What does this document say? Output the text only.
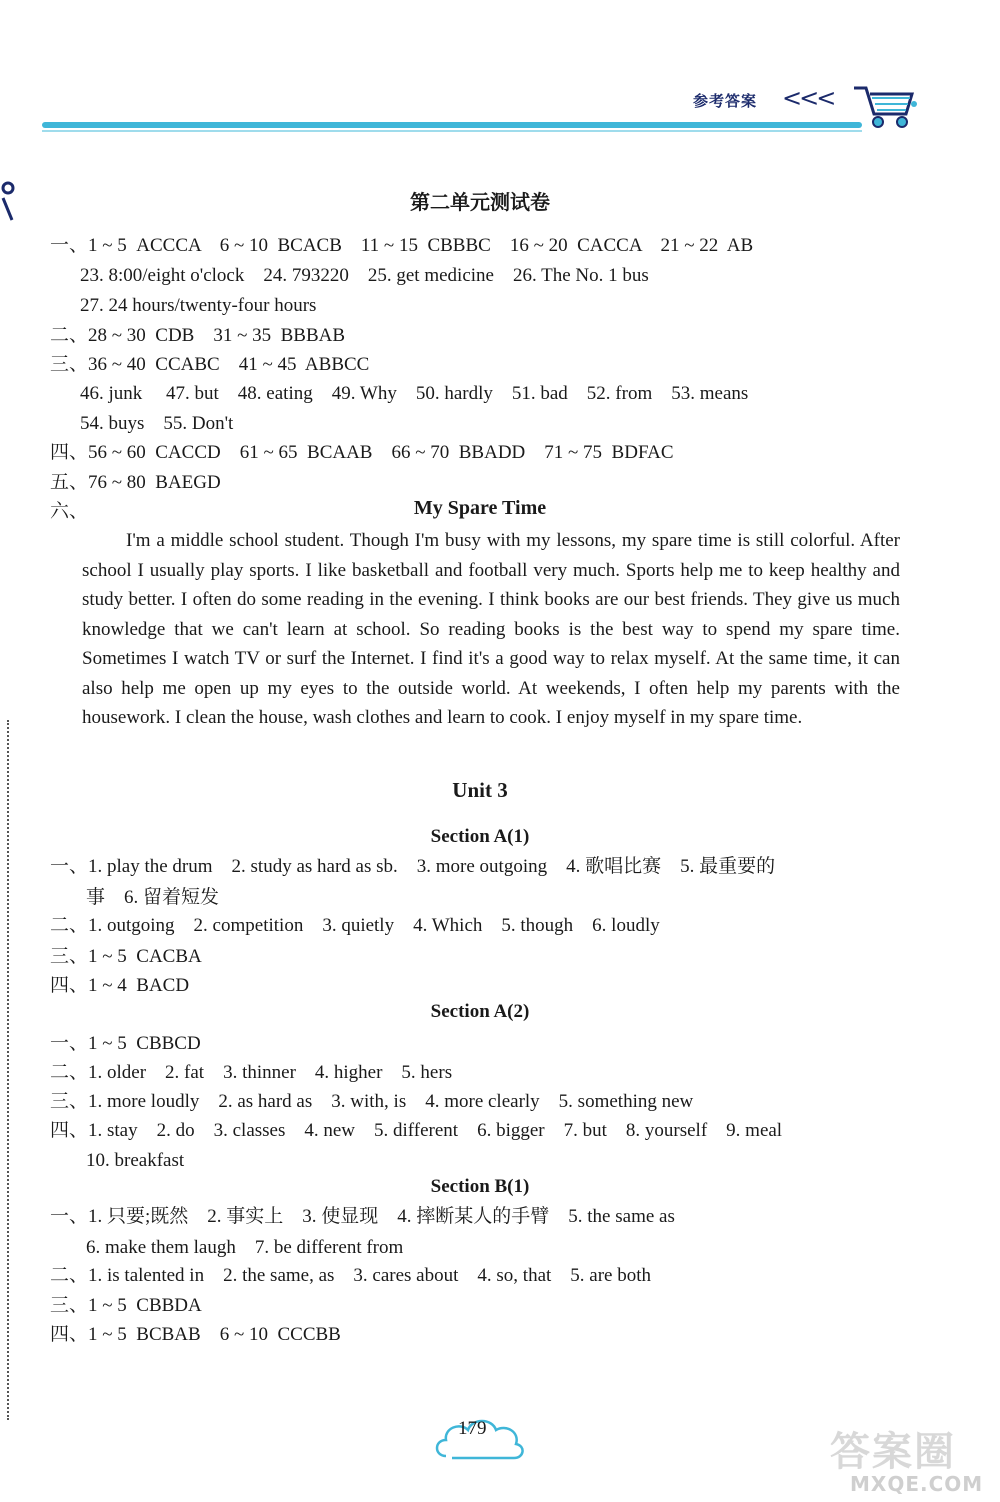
参考答案 <<<
第二单元测试卷
一、1 ~ 5  ACCCA    6 ~ 10  BCACB    11 ~ 15  CBBBC    16 ~ 20  CACCA    21 ~ 22  AB
23. 8:00/eight o'clock    24. 793220    25. get medicine    26. The No. 1 bus
27. 24 hours/twenty-four hours
二、28 ~ 30  CDB    31 ~ 35  BBBAB
三、36 ~ 40  CCABC    41 ~ 45  ABBCC
46. junk     47. but    48. eating    49. Why    50. hardly    51. bad    52. from    53. means
54. buys    55. Don't
四、56 ~ 60  CACCD    61 ~ 65  BCAAB    66 ~ 70  BBADD    71 ~ 75  BDFAC
五、76 ~ 80  BAEGD
六、	My Spare Time

I'm a middle school student. Though I'm busy with my lessons, my spare time is still colorful. After school I usually play sports. I like basketball and football very much. Sports help me to keep healthy and study better. I often do some reading in the evening. I think books are our best friends. They give us much knowledge that we can't learn at school. So reading books is the best way to spend my spare time. Sometimes I watch TV or surf the Internet. I find it's a good way to relax myself. At the same time, it can also help me open up my eyes to the outside world. At weekends, I often help my parents with the housework. I clean the house, wash clothes and learn to cook. I enjoy myself in my spare time.

Unit 3
Section A(1)
一、1. play the drum    2. study as hard as sb.    3. more outgoing    4. 歌唱比赛    5. 最重要的
事    6. 留着短发
二、1. outgoing    2. competition    3. quietly    4. Which    5. though    6. loudly
三、1 ~ 5  CACBA
四、1 ~ 4  BACD
Section A(2)
一、1 ~ 5  CBBCD
二、1. older    2. fat    3. thinner    4. higher    5. hers
三、1. more loudly    2. as hard as    3. with, is    4. more clearly    5. something new
四、1. stay    2. do    3. classes    4. new    5. different    6. bigger    7. but    8. yourself    9. meal
10. breakfast
Section B(1)
一、1. 只要;既然    2. 事实上    3. 使显现    4. 摔断某人的手臂    5. the same as
6. make them laugh    7. be different from
二、1. is talented in    2. the same, as    3. cares about    4. so, that    5. are both
三、1 ~ 5  CBBDA
四、1 ~ 5  BCBAB    6 ~ 10  CCCBB
179
答案圈
MXQE.COM
